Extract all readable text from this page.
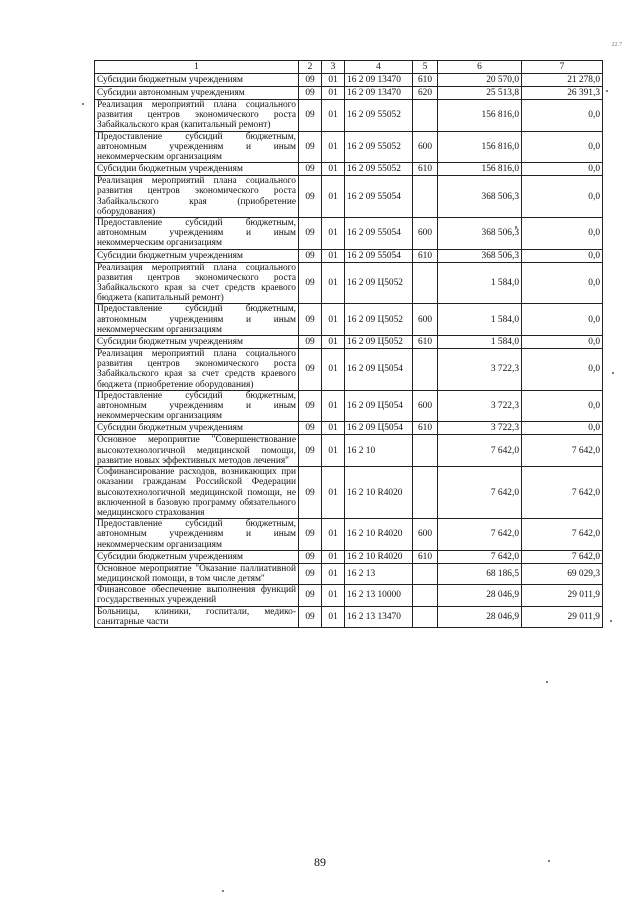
22.7
1	2	3	4	5	6	7
Субсидии бюджетным учреждениям	09	01	16 2 09 13470	610	20 570,0	21 278,0
Субсидии автономным учреждениям	09	01	16 2 09 13470	620	25 513,8	26 391,3
Реализация мероприятий плана социального развития центров экономического роста Забайкальского края (капитальный ремонт)	09	01	16 2 09 55052		156 816,0	0,0
Предоставление субсидий бюджетным, автономным учреждениям и иным некоммерческим организациям	09	01	16 2 09 55052	600	156 816,0	0,0
Субсидии бюджетным учреждениям	09	01	16 2 09 55052	610	156 816,0	0,0
Реализация мероприятий плана социального развития центров экономического роста Забайкальского края (приобретение оборудования)	09	01	16 2 09 55054		368 506,3	0,0
Предоставление субсидий бюджетным, автономным учреждениям и иным некоммерческим организациям	09	01	16 2 09 55054	600	368 506,3	0,0
Субсидии бюджетным учреждениям	09	01	16 2 09 55054	610	368 506,3	0,0
Реализация мероприятий плана социального развития центров экономического роста Забайкальского края за счет средств краевого бюджета (капитальный ремонт)	09	01	16 2 09 Ц5052		1 584,0	0,0
Предоставление субсидий бюджетным, автономным учреждениям и иным некоммерческим организациям	09	01	16 2 09 Ц5052	600	1 584,0	0,0
Субсидии бюджетным учреждениям	09	01	16 2 09 Ц5052	610	1 584,0	0,0
Реализация мероприятий плана социального развития центров экономического роста Забайкальского края за счет средств краевого бюджета (приобретение оборудования)	09	01	16 2 09 Ц5054		3 722,3	0,0
Предоставление субсидий бюджетным, автономным учреждениям и иным некоммерческим организациям	09	01	16 2 09 Ц5054	600	3 722,3	0,0
Субсидии бюджетным учреждениям	09	01	16 2 09 Ц5054	610	3 722,3	0,0
Основное мероприятие "Совершенствование высокотехнологичной медицинской помощи, развитие новых эффективных методов лечения"	09	01	16 2 10		7 642,0	7 642,0
Софинансирование расходов, возникающих при оказании гражданам Российской Федерации высокотехнологичной медицинской помощи, не включенной в базовую программу обязательного медицинского страхования	09	01	16 2 10 R4020		7 642,0	7 642,0
Предоставление субсидий бюджетным, автономным учреждениям и иным некоммерческим организациям	09	01	16 2 10 R4020	600	7 642,0	7 642,0
Субсидии бюджетным учреждениям	09	01	16 2 10 R4020	610	7 642,0	7 642,0
Основное мероприятие "Оказание паллиативной медицинской помощи, в том числе детям"	09	01	16 2 13		68 186,5	69 029,3
Финансовое обеспечение выполнения функций государственных учреждений	09	01	16 2 13 10000		28 046,9	29 011,9
Больницы, клиники, госпитали, медико-санитарные части	09	01	16 2 13 13470		28 046,9	29 011,9
89
